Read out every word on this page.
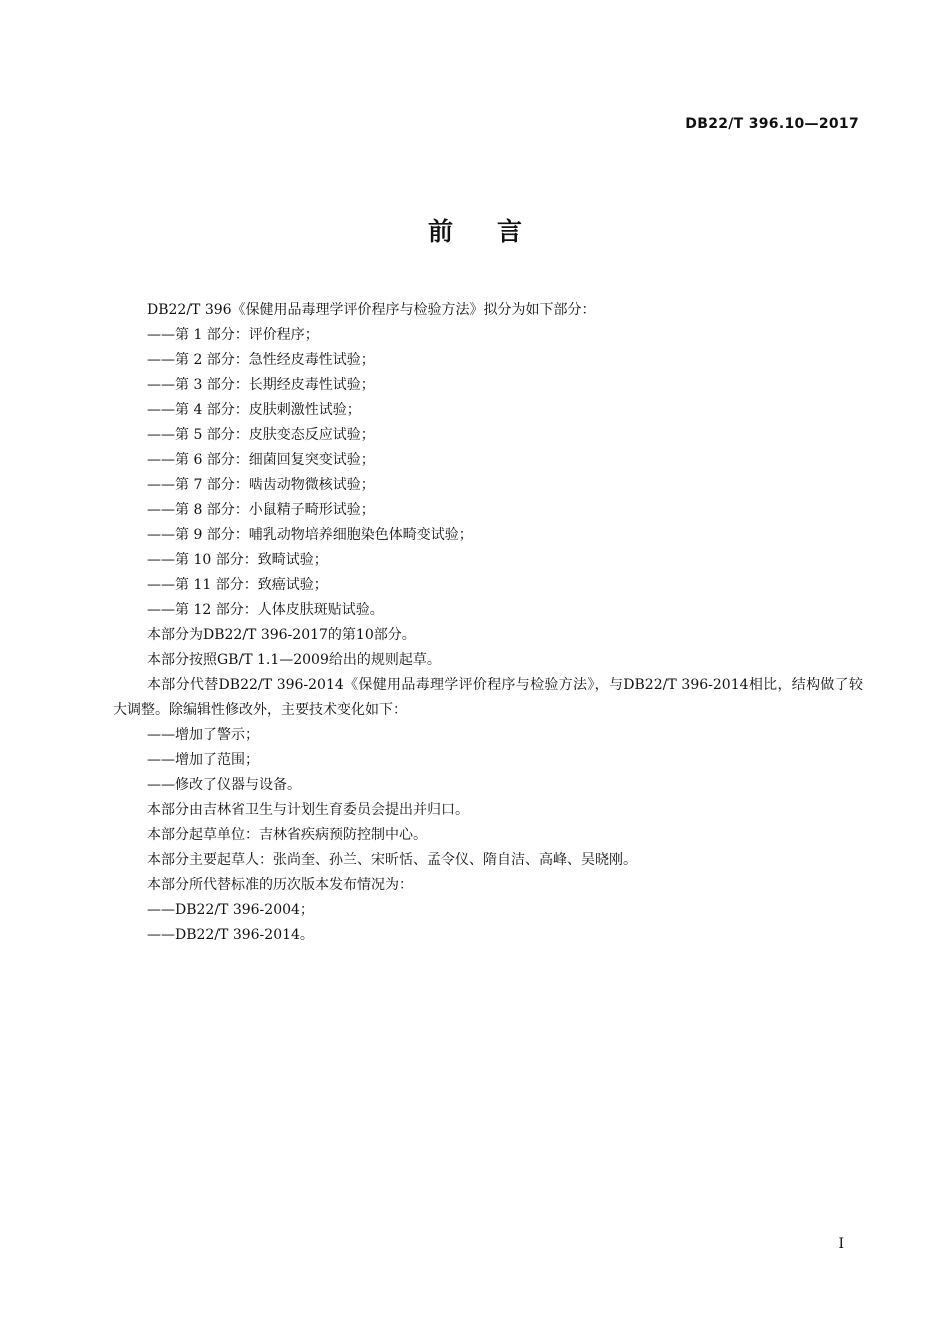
DB22/T 396.10—2017
前言

DB22/T 396《保健用品毒理学评价程序与检验方法》拟分为如下部分：

——第 1 部分：评价程序；

——第 2 部分：急性经皮毒性试验；

——第 3 部分：长期经皮毒性试验；

——第 4 部分：皮肤刺激性试验；

——第 5 部分：皮肤变态反应试验；

——第 6 部分：细菌回复突变试验；

——第 7 部分：啮齿动物微核试验；

——第 8 部分：小鼠精子畸形试验；

——第 9 部分：哺乳动物培养细胞染色体畸变试验；

——第 10 部分：致畸试验；

——第 11 部分：致癌试验；

——第 12 部分：人体皮肤斑贴试验。

本部分为DB22/T 396-2017的第10部分。

本部分按照GB/T 1.1—2009给出的规则起草。

本部分代替DB22/T 396-2014《保健用品毒理学评价程序与检验方法》，与DB22/T 396-2014相比，结构做了较大调整。除编辑性修改外，主要技术变化如下：

——增加了警示；

——增加了范围；

——修改了仪器与设备。

本部分由吉林省卫生与计划生育委员会提出并归口。

本部分起草单位：吉林省疾病预防控制中心。

本部分主要起草人：张尚奎、孙兰、宋昕恬、孟令仪、隋自洁、高峰、吴晓刚。

本部分所代替标准的历次版本发布情况为：

——DB22/T 396-2004；

——DB22/T 396-2014。

I
